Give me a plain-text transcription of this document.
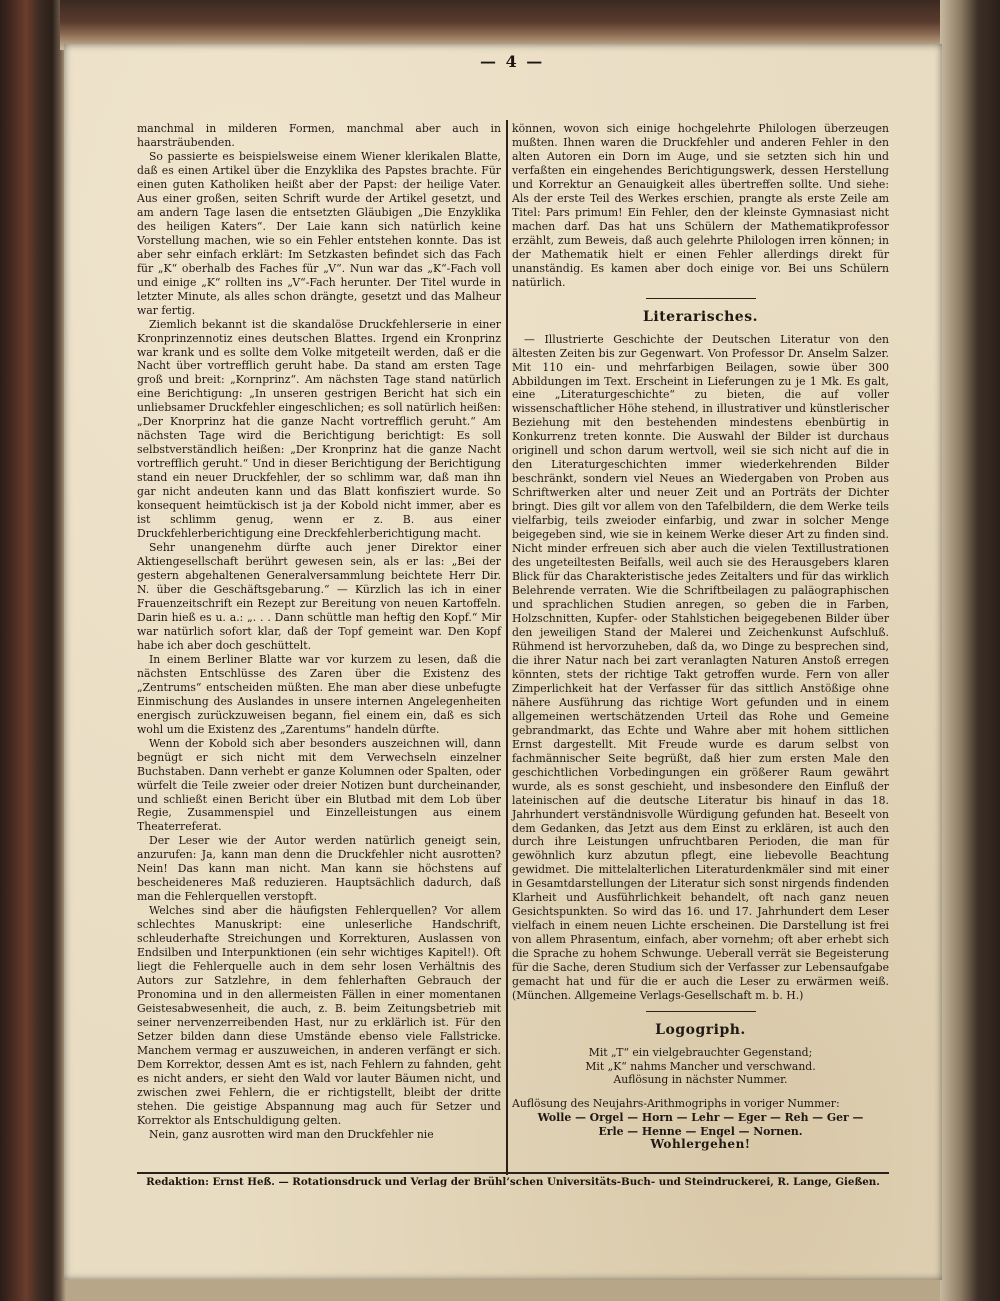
— 4 —

manchmal in milderen Formen, manchmal aber auch in haarsträubenden.

So passierte es beispielsweise einem Wiener klerikalen Blatte, daß es einen Artikel über die Enzyklika des Papstes brachte. Für einen guten Katholiken heißt aber der Papst: der heilige Vater. Aus einer großen, seiten Schrift wurde der Artikel gesetzt, und am andern Tage lasen die entsetzten Gläubigen „Die Enzyklika des heiligen Katers“. Der Laie kann sich natürlich keine Vorstellung machen, wie so ein Fehler entstehen konnte. Das ist aber sehr einfach erklärt: Im Setzkasten befindet sich das Fach für „K“ oberhalb des Faches für „V“. Nun war das „K“-Fach voll und einige „K“ rollten ins „V“-Fach herunter. Der Titel wurde in letzter Minute, als alles schon drängte, gesetzt und das Malheur war fertig.

Ziemlich bekannt ist die skandalöse Druckfehlerserie in einer Kronprinzennotiz eines deutschen Blattes. Irgend ein Kronprinz war krank und es sollte dem Volke mitgeteilt werden, daß er die Nacht über vortrefflich geruht habe. Da stand am ersten Tage groß und breit: „Kornprinz“. Am nächsten Tage stand natürlich eine Berichtigung: „In unseren gestrigen Bericht hat sich ein unliebsamer Druckfehler eingeschlichen; es soll natürlich heißen: „Der Knorprinz hat die ganze Nacht vortrefflich geruht.“ Am nächsten Tage wird die Berichtigung berichtigt: Es soll selbstverständlich heißen: „Der Kronprinz hat die ganze Nacht vortrefflich geruht.“ Und in dieser Berichtigung der Berichtigung stand ein neuer Druckfehler, der so schlimm war, daß man ihn gar nicht andeuten kann und das Blatt konfisziert wurde. So konsequent heimtückisch ist ja der Kobold nicht immer, aber es ist schlimm genug, wenn er z. B. aus einer Druckfehlerberichtigung eine Dreckfehlerberichtigung macht.

Sehr unangenehm dürfte auch jener Direktor einer Aktiengesellschaft berührt gewesen sein, als er las: „Bei der gestern abgehaltenen Generalversammlung beichtete Herr Dir. N. über die Geschäftsgebarung.“ — Kürzlich las ich in einer Frauenzeitschrift ein Rezept zur Bereitung von neuen Kartoffeln. Darin hieß es u. a.: „. . . Dann schüttle man heftig den Kopf.“ Mir war natürlich sofort klar, daß der Topf gemeint war. Den Kopf habe ich aber doch geschüttelt.

In einem Berliner Blatte war vor kurzem zu lesen, daß die nächsten Entschlüsse des Zaren über die Existenz des „Zentrums“ entscheiden müßten. Ehe man aber diese unbefugte Einmischung des Auslandes in unsere internen Angelegenheiten energisch zurückzuweisen begann, fiel einem ein, daß es sich wohl um die Existenz des „Zarentums“ handeln dürfte.

Wenn der Kobold sich aber besonders auszeichnen will, dann begnügt er sich nicht mit dem Verwechseln einzelner Buchstaben. Dann verhebt er ganze Kolumnen oder Spalten, oder würfelt die Teile zweier oder dreier Notizen bunt durcheinander, und schließt einen Bericht über ein Blutbad mit dem Lob über Regie, Zusammenspiel und Einzelleistungen aus einem Theaterreferat.

Der Leser wie der Autor werden natürlich geneigt sein, anzurufen: Ja, kann man denn die Druckfehler nicht ausrotten? Nein! Das kann man nicht. Man kann sie höchstens auf bescheideneres Maß reduzieren. Hauptsächlich dadurch, daß man die Fehlerquellen verstopft.

Welches sind aber die häufigsten Fehlerquellen? Vor allem schlechtes Manuskript: eine unleserliche Handschrift, schleuderhafte Streichungen und Korrekturen, Auslassen von Endsilben und Interpunktionen (ein sehr wichtiges Kapitel!). Oft liegt die Fehlerquelle auch in dem sehr losen Verhältnis des Autors zur Satzlehre, in dem fehlerhaften Gebrauch der Pronomina und in den allermeisten Fällen in einer momentanen Geistesabwesenheit, die auch, z. B. beim Zeitungsbetrieb mit seiner nervenzerreibenden Hast, nur zu erklärlich ist. Für den Setzer bilden dann diese Umstände ebenso viele Fallstricke. Manchem vermag er auszuweichen, in anderen verfängt er sich. Dem Korrektor, dessen Amt es ist, nach Fehlern zu fahnden, geht es nicht anders, er sieht den Wald vor lauter Bäumen nicht, und zwischen zwei Fehlern, die er richtigstellt, bleibt der dritte stehen. Die geistige Abspannung mag auch für Setzer und Korrektor als Entschuldigung gelten.

Nein, ganz ausrotten wird man den Druckfehler nie

können, wovon sich einige hochgelehrte Philologen überzeugen mußten. Ihnen waren die Druckfehler und anderen Fehler in den alten Autoren ein Dorn im Auge, und sie setzten sich hin und verfaßten ein eingehendes Berichtigungswerk, dessen Herstellung und Korrektur an Genauigkeit alles übertreffen sollte. Und siehe: Als der erste Teil des Werkes erschien, prangte als erste Zeile am Titel: Pars primum! Ein Fehler, den der kleinste Gymnasiast nicht machen darf. Das hat uns Schülern der Mathematikprofessor erzählt, zum Beweis, daß auch gelehrte Philologen irren können; in der Mathematik hielt er einen Fehler allerdings direkt für unanständig. Es kamen aber doch einige vor. Bei uns Schülern natürlich.

Literarisches.

— Illustrierte Geschichte der Deutschen Literatur von den ältesten Zeiten bis zur Gegenwart. Von Professor Dr. Anselm Salzer. Mit 110 ein- und mehrfarbigen Beilagen, sowie über 300 Abbildungen im Text. Erscheint in Lieferungen zu je 1 Mk. Es galt, eine „Literaturgeschichte“ zu bieten, die auf voller wissenschaftlicher Höhe stehend, in illustrativer und künstlerischer Beziehung mit den bestehenden mindestens ebenbürtig in Konkurrenz treten konnte. Die Auswahl der Bilder ist durchaus originell und schon darum wertvoll, weil sie sich nicht auf die in den Literaturgeschichten immer wiederkehrenden Bilder beschränkt, sondern viel Neues an Wiedergaben von Proben aus Schriftwerken alter und neuer Zeit und an Porträts der Dichter bringt. Dies gilt vor allem von den Tafelbildern, die dem Werke teils vielfarbig, teils zweioder einfarbig, und zwar in solcher Menge beigegeben sind, wie sie in keinem Werke dieser Art zu finden sind. Nicht minder erfreuen sich aber auch die vielen Textillustrationen des ungeteiltesten Beifalls, weil auch sie des Herausgebers klaren Blick für das Charakteristische jedes Zeitalters und für das wirklich Belehrende verraten. Wie die Schriftbeilagen zu paläographischen und sprachlichen Studien anregen, so geben die in Farben, Holzschnitten, Kupfer- oder Stahlstichen beigegebenen Bilder über den jeweiligen Stand der Malerei und Zeichenkunst Aufschluß. Rühmend ist hervorzuheben, daß da, wo Dinge zu besprechen sind, die ihrer Natur nach bei zart veranlagten Naturen Anstoß erregen könnten, stets der richtige Takt getroffen wurde. Fern von aller Zimperlichkeit hat der Verfasser für das sittlich Anstößige ohne nähere Ausführung das richtige Wort gefunden und in einem allgemeinen wertschätzenden Urteil das Rohe und Gemeine gebrandmarkt, das Echte und Wahre aber mit hohem sittlichen Ernst dargestellt. Mit Freude wurde es darum selbst von fachmännischer Seite begrüßt, daß hier zum ersten Male den geschichtlichen Vorbedingungen ein größerer Raum gewährt wurde, als es sonst geschieht, und insbesondere den Einfluß der lateinischen auf die deutsche Literatur bis hinauf in das 18. Jahrhundert verständnisvolle Würdigung gefunden hat. Beseelt von dem Gedanken, das Jetzt aus dem Einst zu erklären, ist auch den durch ihre Leistungen unfruchtbaren Perioden, die man für gewöhnlich kurz abzutun pflegt, eine liebevolle Beachtung gewidmet. Die mittelalterlichen Literaturdenkmäler sind mit einer in Gesamtdarstellungen der Literatur sich sonst nirgends findenden Klarheit und Ausführlichkeit behandelt, oft nach ganz neuen Gesichtspunkten. So wird das 16. und 17. Jahrhundert dem Leser vielfach in einem neuen Lichte erscheinen. Die Darstellung ist frei von allem Phrasentum, einfach, aber vornehm; oft aber erhebt sich die Sprache zu hohem Schwunge. Ueberall verrät sie Begeisterung für die Sache, deren Studium sich der Verfasser zur Lebensaufgabe gemacht hat und für die er auch die Leser zu erwärmen weiß. (München. Allgemeine Verlags-Gesellschaft m. b. H.)

Logogriph.
Mit „T“ ein vielgebrauchter Gegenstand;
Mit „K“ nahms Mancher und verschwand.
Auflösung in nächster Nummer.

Auflösung des Neujahrs-Arithmogriphs in voriger Nummer:

Wolle — Orgel — Horn — Lehr — Eger — Reh — Ger —
Erle — Henne — Engel — Nornen.
Wohlergehen!
Redaktion: Ernst Heß. — Rotationsdruck und Verlag der Brühl’schen Universitäts-Buch- und Steindruckerei, R. Lange, Gießen.
